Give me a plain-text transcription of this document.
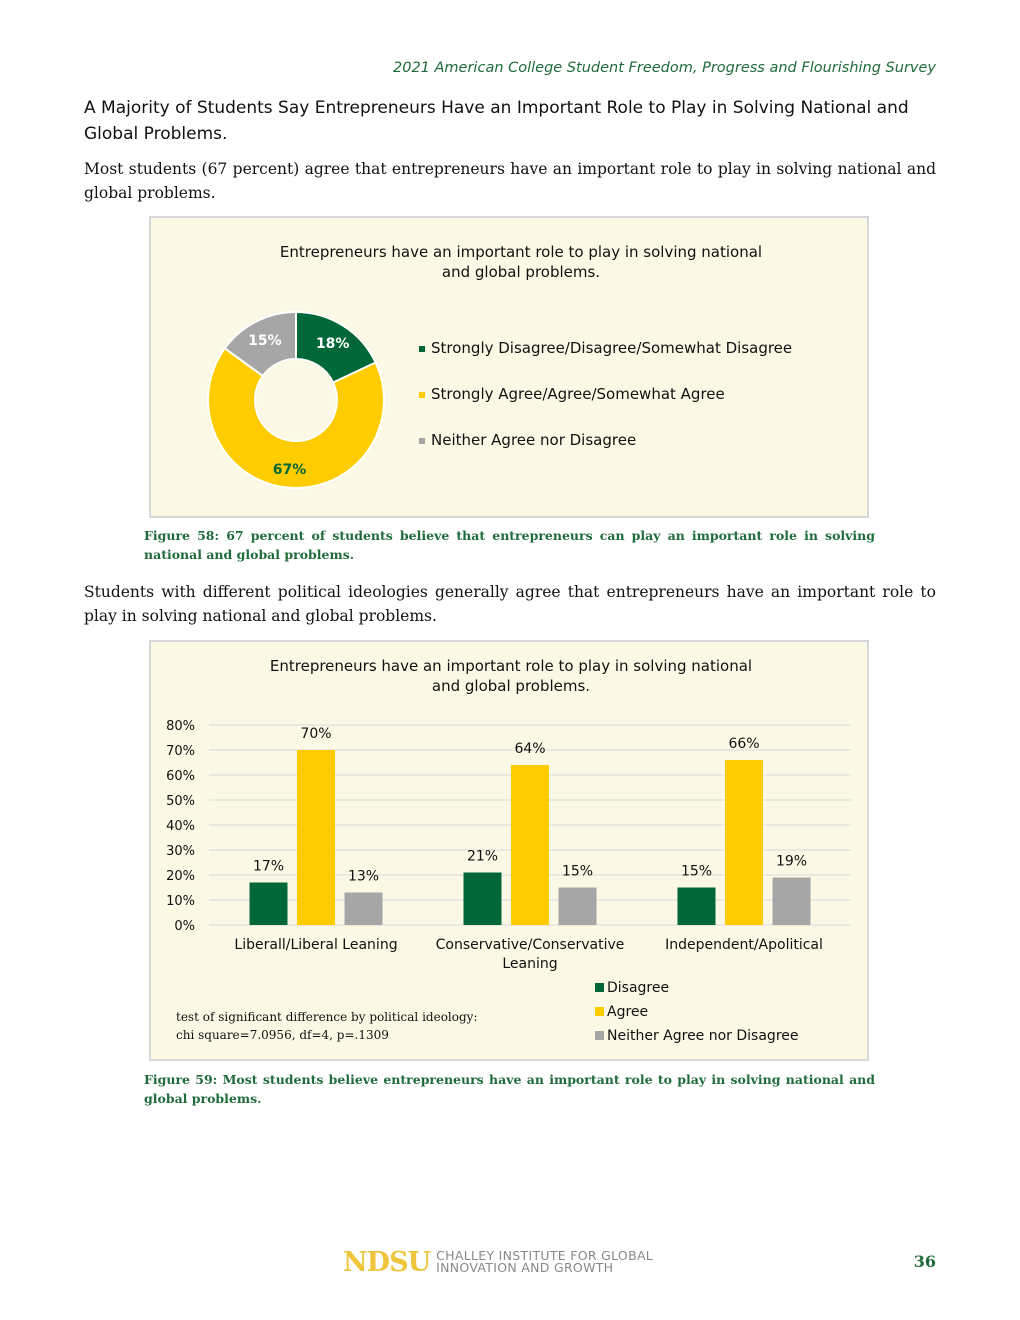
2021 American College Student Freedom, Progress and Flourishing Survey
A Majority of Students Say Entrepreneurs Have an Important Role to Play in Solving National and Global Problems.
Most students (67 percent) agree that entrepreneurs have an important role to play in solving national and global problems.
Entrepreneurs have an important role to play in solving national
and global problems.
18%
67%
15%	Strongly Disagree/Disagree/Somewhat Disagree
Strongly Agree/Agree/Somewhat Agree
Neither Agree nor Disagree
Figure 58: 67 percent of students believe that entrepreneurs can play an important role in solving national and global problems.
Students with different political ideologies generally agree that entrepreneurs have an important role to play in solving national and global problems.
Entrepreneurs have an important role to play in solving national
and global problems.
0%
10%
20%
30%
40%
50%
60%
70%
80%
17%
70%
13%
21%
64%
15%	15%
66%
19%
Liberall/Liberal Leaning	Conservative/Conservative
Leaning
Independent/Apolitical
Disagree
Agree
Neither Agree nor Disagree
test of significant difference by political ideology:
chi square=7.0956, df=4, p=.1309
Figure 59: Most students believe entrepreneurs have an important role to play in solving national and global problems.
NDSU CHALLEY INSTITUTE FOR GLOBAL
INNOVATION AND GROWTH	36
